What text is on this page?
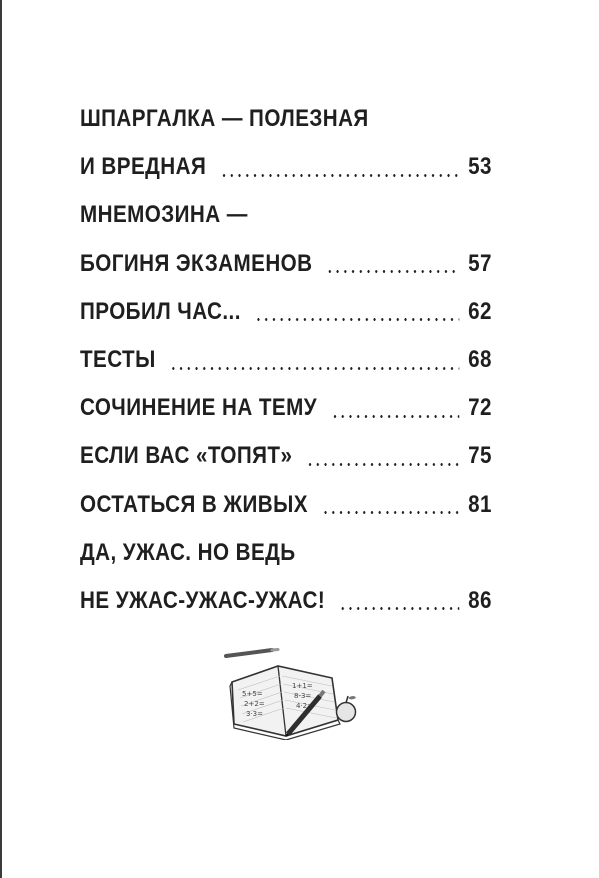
ШПАРГАЛКА — ПОЛЕЗНАЯ
И ВРЕДНАЯ	53
МНЕМОЗИНА —
БОГИНЯ ЭКЗАМЕНОВ	57
ПРОБИЛ ЧАС...	62
ТЕСТЫ	68
СОЧИНЕНИЕ НА ТЕМУ	72
ЕСЛИ ВАС «ТОПЯТ»	75
ОСТАТЬСЯ В ЖИВЫХ	81
ДА, УЖАС. НО ВЕДЬ
НЕ УЖАС-УЖАС-УЖАС!	86
5+5=
2+2=
3·3=
1+1=
8-3=
4·2=
